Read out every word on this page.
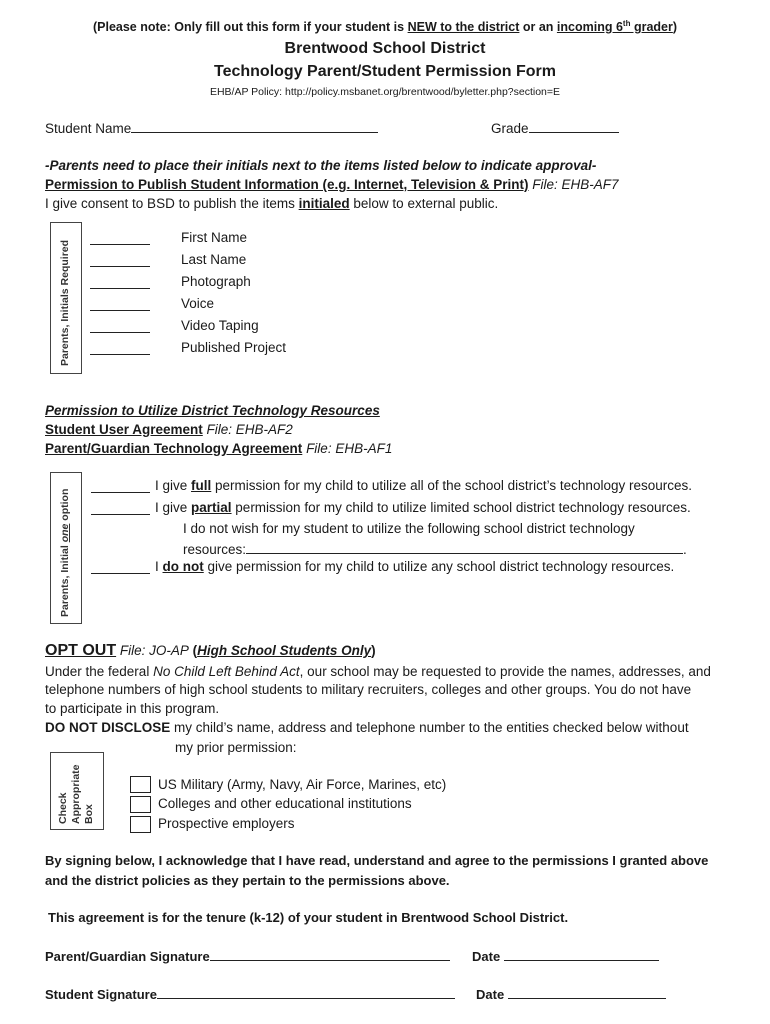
(Please note: Only fill out this form if your student is NEW to the district or an incoming 6th grader)
Brentwood School District
Technology Parent/Student Permission Form
EHB/AP Policy: http://policy.msbanet.org/brentwood/byletter.php?section=E
Student Name	Grade
-Parents need to place their initials next to the items listed below to indicate approval-
Permission to Publish Student Information (e.g. Internet, Television & Print) File: EHB-AF7
I give consent to BSD to publish the items initialed below to external public.
Parents, Initials Required
First Name
Last Name
Photograph
Voice
Video Taping
Published Project
Permission to Utilize District Technology Resources
Student User Agreement File: EHB-AF2
Parent/Guardian Technology Agreement File: EHB-AF1
Parents, Initial one option
I give full permission for my child to utilize all of the school district’s technology resources.
I give partial permission for my child to utilize limited school district technology resources.
I do not wish for my student to utilize the following school district technology
resources:	.
I do not give permission for my child to utilize any school district technology resources.
OPT OUT File: JO-AP (High School Students Only)
Under the federal No Child Left Behind Act, our school may be requested to provide the names, addresses, and
telephone numbers of high school students to military recruiters, colleges and other groups. You do not have
to participate in this program.
DO NOT DISCLOSE my child’s name, address and telephone number to the entities checked below without
my prior permission:
Check Appropriate Box
US Military (Army, Navy, Air Force, Marines, etc)
Colleges and other educational institutions
Prospective employers
By signing below, I acknowledge that I have read, understand and agree to the permissions I granted above
and the district policies as they pertain to the permissions above.
This agreement is for the tenure (k-12) of your student in Brentwood School District.
Parent/Guardian Signature	Date
Student Signature	Date
